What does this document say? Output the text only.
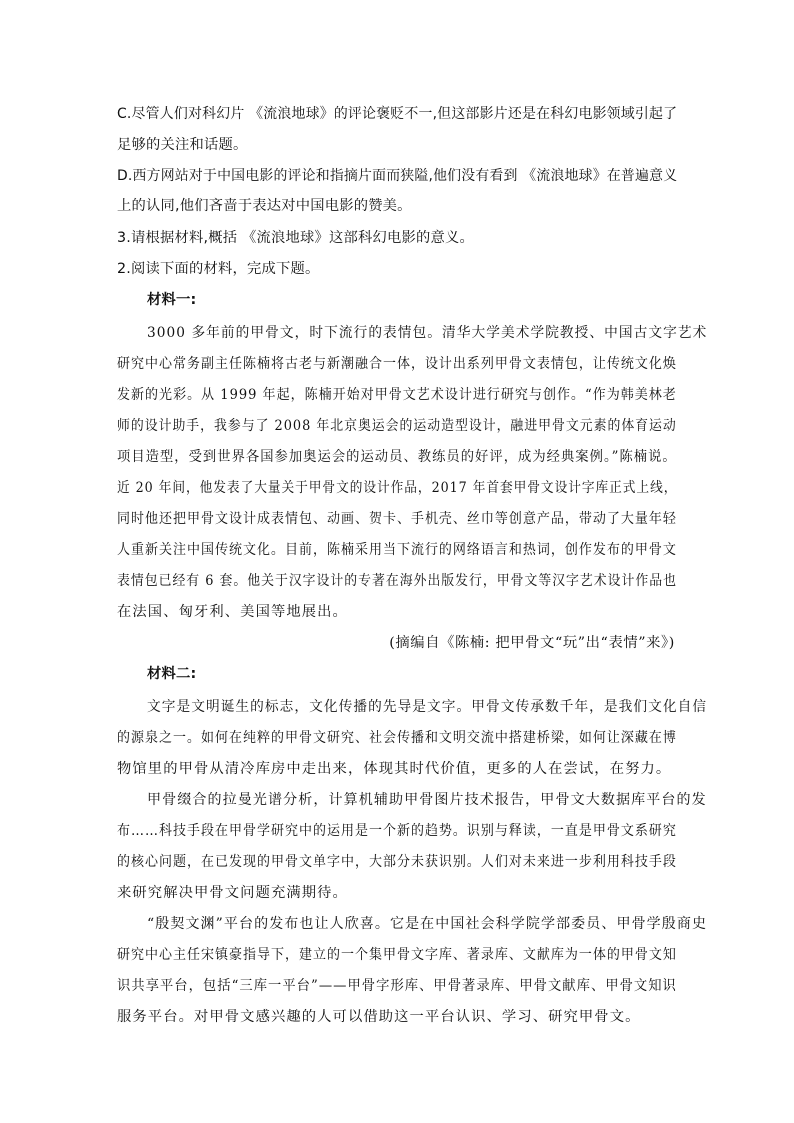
C.尽管人们对科幻片 《流浪地球》的评论褒贬不一,但这部影片还是在科幻电影领域引起了
足够的关注和话题。
D.西方网站对于中国电影的评论和指摘片面而狭隘,他们没有看到 《流浪地球》在普遍意义
上的认同,他们吝啬于表达对中国电影的赞美。
3.请根据材料,概括 《流浪地球》这部科幻电影的意义。
2.阅读下面的材料，完成下题。
材料一:
3000 多年前的甲骨文，时下流行的表情包。清华大学美术学院教授、中国古文字艺术
研究中心常务副主任陈楠将古老与新潮融合一体，设计出系列甲骨文表情包，让传统文化焕
发新的光彩。从 1999 年起，陈楠开始对甲骨文艺术设计进行研究与创作。“作为韩美林老
师的设计助手，我参与了 2008 年北京奥运会的运动造型设计，融进甲骨文元素的体育运动
项目造型，受到世界各国参加奥运会的运动员、教练员的好评，成为经典案例。”陈楠说。
近 20 年间，他发表了大量关于甲骨文的设计作品，2017 年首套甲骨文设计字库正式上线，
同时他还把甲骨文设计成表情包、动画、贺卡、手机壳、丝巾等创意产品，带动了大量年轻
人重新关注中国传统文化。目前，陈楠采用当下流行的网络语言和热词，创作发布的甲骨文
表情包已经有 6 套。他关于汉字设计的专著在海外出版发行，甲骨文等汉字艺术设计作品也
在法国、匈牙利、美国等地展出。
(摘编自《陈楠: 把甲骨文“玩”出“表情”来》)
材料二:
文字是文明诞生的标志，文化传播的先导是文字。甲骨文传承数千年，是我们文化自信
的源泉之一。如何在纯粹的甲骨文研究、社会传播和文明交流中搭建桥梁，如何让深藏在博
物馆里的甲骨从清冷库房中走出来，体现其时代价值，更多的人在尝试，在努力。
甲骨缀合的拉曼光谱分析，计算机辅助甲骨图片技术报告，甲骨文大数据库平台的发
布……科技手段在甲骨学研究中的运用是一个新的趋势。识别与释读，一直是甲骨文系研究
的核心问题，在已发现的甲骨文单字中，大部分未获识别。人们对未来进一步利用科技手段
来研究解决甲骨文问题充满期待。
“殷契文渊”平台的发布也让人欣喜。它是在中国社会科学院学部委员、甲骨学殷商史
研究中心主任宋镇豪指导下，建立的一个集甲骨文字库、著录库、文献库为一体的甲骨文知
识共享平台，包括“三库一平台”——甲骨字形库、甲骨著录库、甲骨文献库、甲骨文知识
服务平台。对甲骨文感兴趣的人可以借助这一平台认识、学习、研究甲骨文。
